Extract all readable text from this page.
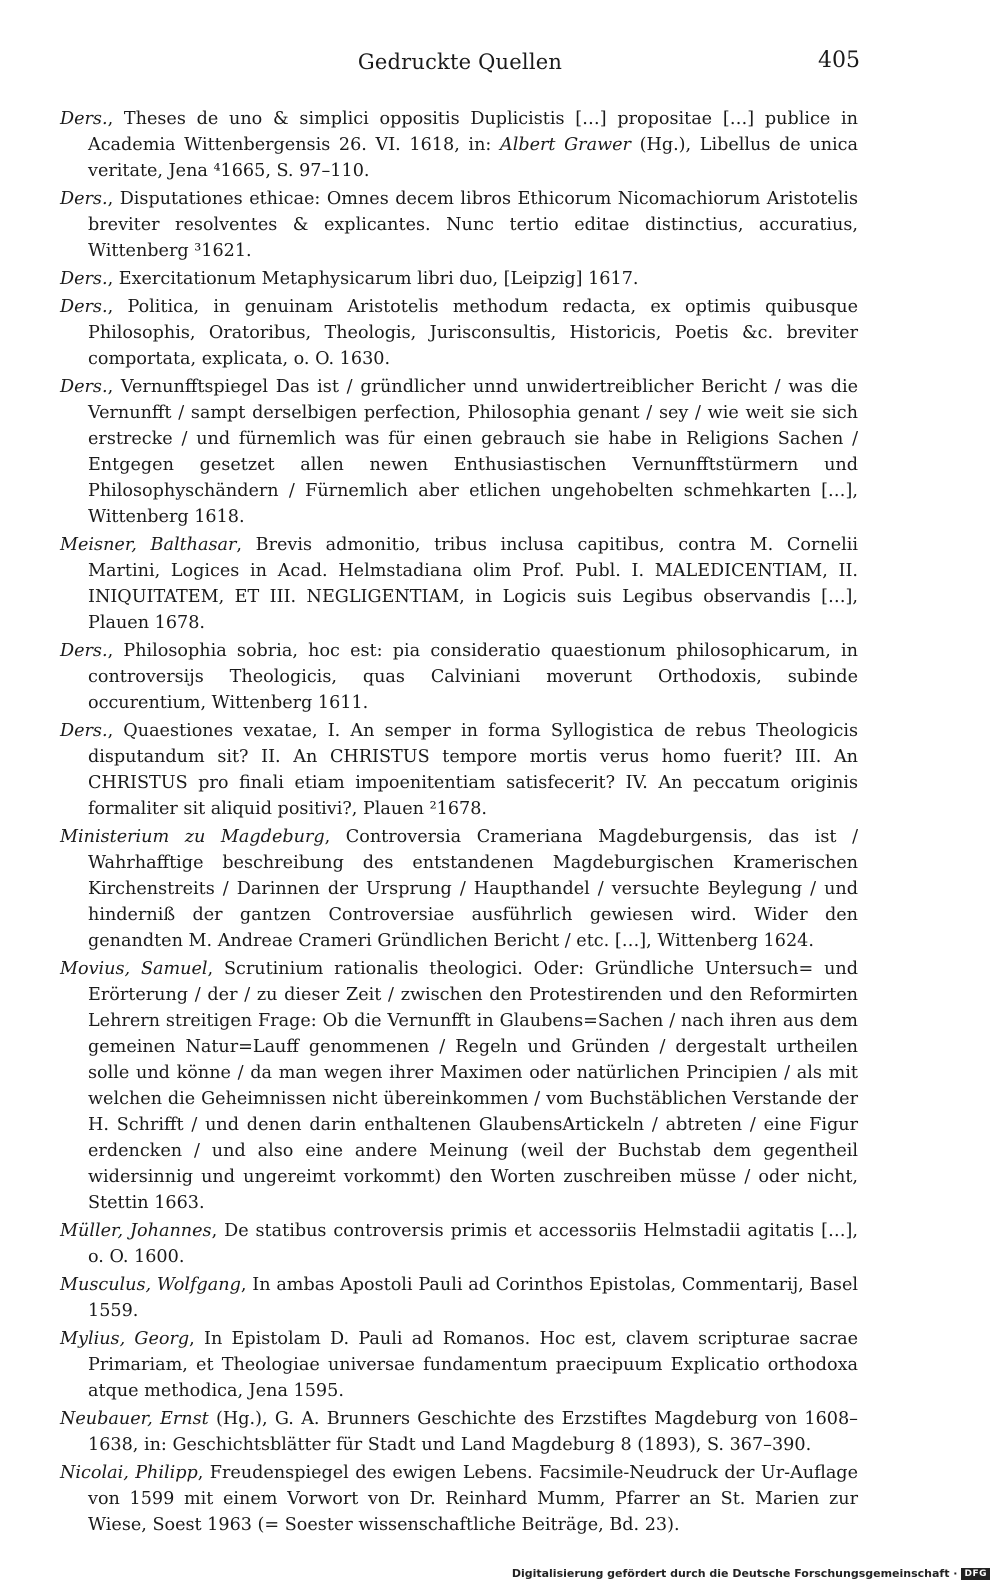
Gedruckte Quellen	405

Ders., Theses de uno & simplici oppositis Duplicistis […] propositae […] publice in Academia Wittenbergensis 26. VI. 1618, in: Albert Grawer (Hg.), Libellus de unica veritate, Jena ⁴1665, S. 97–110.

Ders., Disputationes ethicae: Omnes decem libros Ethicorum Nicomachiorum Aristotelis breviter resolventes & explicantes. Nunc tertio editae distinctius, accuratius, Wittenberg ³1621.

Ders., Exercitationum Metaphysicarum libri duo, [Leipzig] 1617.

Ders., Politica, in genuinam Aristotelis methodum redacta, ex optimis quibusque Philosophis, Oratoribus, Theologis, Jurisconsultis, Historicis, Poetis &c. breviter comportata, explicata, o. O. 1630.

Ders., Vernunfftspiegel Das ist / gründlicher unnd unwidertreiblicher Bericht / was die Vernunfft / sampt derselbigen perfection, Philosophia genant / sey / wie weit sie sich erstrecke / und fürnemlich was für einen gebrauch sie habe in Religions Sachen / Entgegen gesetzet allen newen Enthusiastischen Vernunfftstürmern und Philosophyschändern / Fürnemlich aber etlichen ungehobelten schmehkarten […], Wittenberg 1618.

Meisner, Balthasar, Brevis admonitio, tribus inclusa capitibus, contra M. Cornelii Martini, Logices in Acad. Helmstadiana olim Prof. Publ. I. MALEDICENTIAM, II. INIQUITATEM, ET III. NEGLIGENTIAM, in Logicis suis Legibus observandis […], Plauen 1678.

Ders., Philosophia sobria, hoc est: pia consideratio quaestionum philosophicarum, in controversijs Theologicis, quas Calviniani moverunt Orthodoxis, subinde occurentium, Wittenberg 1611.

Ders., Quaestiones vexatae, I. An semper in forma Syllogistica de rebus Theologicis disputandum sit? II. An CHRISTUS tempore mortis verus homo fuerit? III. An CHRISTUS pro finali etiam impoenitentiam satisfecerit? IV. An peccatum originis formaliter sit aliquid positivi?, Plauen ²1678.

Ministerium zu Magdeburg, Controversia Crameriana Magdeburgensis, das ist / Wahrhafftige beschreibung des entstandenen Magdeburgischen Kramerischen Kirchenstreits / Darinnen der Ursprung / Haupthandel / versuchte Beylegung / und hinderniß der gantzen Controversiae ausführlich gewiesen wird. Wider den genandten M. Andreae Crameri Gründlichen Bericht / etc. […], Wittenberg 1624.

Movius, Samuel, Scrutinium rationalis theologici. Oder: Gründliche Untersuch= und Erörterung / der / zu dieser Zeit / zwischen den Protestirenden und den Reformirten Lehrern streitigen Frage: Ob die Vernunfft in Glaubens=Sachen / nach ihren aus dem gemeinen Natur=Lauff genommenen / Regeln und Gründen / dergestalt urtheilen solle und könne / da man wegen ihrer Maximen oder natürlichen Principien / als mit welchen die Geheimnissen nicht übereinkommen / vom Buchstäblichen Verstande der H. Schrifft / und denen darin enthaltenen GlaubensArtickeln / abtreten / eine Figur erdencken / und also eine andere Meinung (weil der Buchstab dem gegentheil widersinnig und ungereimt vorkommt) den Worten zuschreiben müsse / oder nicht, Stettin 1663.

Müller, Johannes, De statibus controversis primis et accessoriis Helmstadii agitatis […], o. O. 1600.

Musculus, Wolfgang, In ambas Apostoli Pauli ad Corinthos Epistolas, Commentarij, Basel 1559.

Mylius, Georg, In Epistolam D. Pauli ad Romanos. Hoc est, clavem scripturae sacrae Primariam, et Theologiae universae fundamentum praecipuum Explicatio orthodoxa atque methodica, Jena 1595.

Neubauer, Ernst (Hg.), G. A. Brunners Geschichte des Erzstiftes Magdeburg von 1608–1638, in: Geschichtsblätter für Stadt und Land Magdeburg 8 (1893), S. 367–390.

Nicolai, Philipp, Freudenspiegel des ewigen Lebens. Facsimile-Neudruck der Ur-Auflage von 1599 mit einem Vorwort von Dr. Reinhard Mumm, Pfarrer an St. Marien zur Wiese, Soest 1963 (= Soester wissenschaftliche Beiträge, Bd. 23).

Digitalisierung gefördert durch die Deutsche Forschungsgemeinschaft · DFG
